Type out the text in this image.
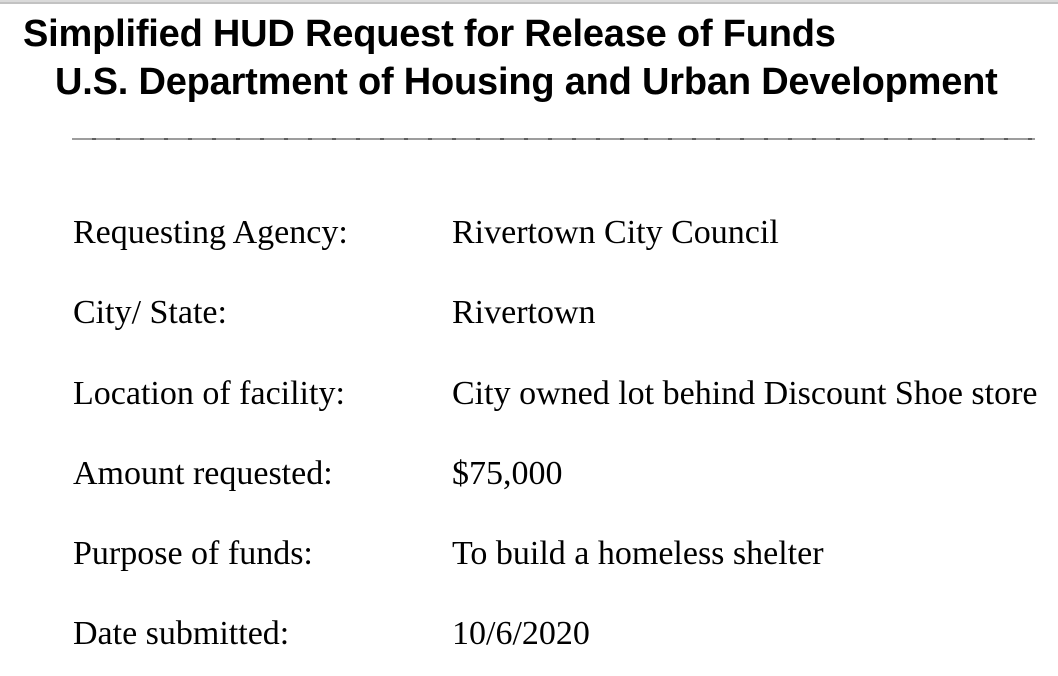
Simplified HUD Request for Release of Funds
U.S. Department of Housing and Urban Development
Requesting Agency:	Rivertown City Council
City/ State:	Rivertown
Location of facility:	City owned lot behind Discount Shoe store
Amount requested:	$75,000
Purpose of funds:	To build a homeless shelter
Date submitted:	10/6/2020
